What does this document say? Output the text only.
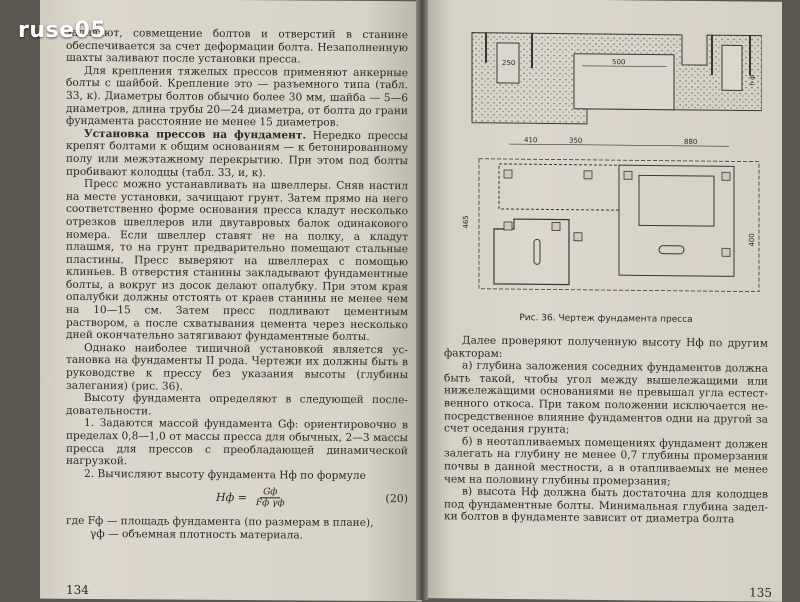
ruse05

заливают, совмещение болтов и отверстий в станине обеспечивается за счет деформации болта. Незаполненную шахты заливают после установки пресса.

Для крепления тяжелых прессов применяют анкерные болты с шайбой. Крепление это — разъемного типа (табл. 33, к). Диаметры болтов обычно более 30 мм, шайба — 5—6 диаметров, длина трубы 20—24 диаметра, от болта до грани фундамента расстояние не менее 15 диаметров.

Установка прессов на фундамент. Нередко прессы крепят болтами к общим основаниям — к бетонированному полу или межэтажному перекрытию. При этом под болты пробивают колодцы (табл. 33, и, к).

Пресс можно устанавливать на швеллеры. Сняв настил на месте установки, зачищают грунт. Затем прямо на него соответственно форме основания пресса кладут несколько отрезков швеллеров или двутавровых балок одинакового номера. Если швеллер ставят не на полку, а кладут плашмя, то на грунт предварительно помещают стальные пластины. Пресс выверяют на швеллерах с помощью клиньев. В отверстия станины закладывают фундаментные болты, а вокруг из досок делают опалубку. При этом края опалубки должны отстоять от краев станины не менее чем на 10—15 см. Затем пресс подливают цементным раствором, а после схватывания цемента через несколько дней окончательно затягивают фундаментные болты.

Однако наиболее типичной установкой является установка на фундаменты II рода. Чертежи их должны быть в руководстве к прессу без указания высоты (глубины залегания) (рис. 36).

Высоту фундамента определяют в следующей последовательности.

1. Задаются массой фундамента Gф: ориентировочно в пределах 0,8—1,0 от массы пресса для обычных, 2—3 массы пресса для прессов с преобладающей динамической нагрузкой.

2. Вычисляют высоту фундамента Hф по формуле

Hф = $\frac{Gф}{\text{Fф γф}}$	(20)

где Fф — площадь фундамента (по размерам в плане),

γф — объемная плотность материала.

134
250	500
h ф
410	350	880
465
400
Рис. 36. Чертеж фундамента пресса

Далее проверяют полученную высоту Hф по другим факторам:

а) глубина заложения соседних фундаментов должна быть такой, чтобы угол между вышележащими или нижележащими основаниями не превышал угла естественного откоса. При таком положении исключается непосредственное влияние фундаментов одни на другой за счет оседания грунта;

б) в неотапливаемых помещениях фундамент должен залегать на глубину не менее 0,7 глубины промерзания почвы в данной местности, а в отапливаемых не менее чем на половину глубины промерзания;

в) высота Hф должна быть достаточна для колодцев под фундаментные болты. Минимальная глубина заделки болтов в фундаменте зависит от диаметра болта

135
